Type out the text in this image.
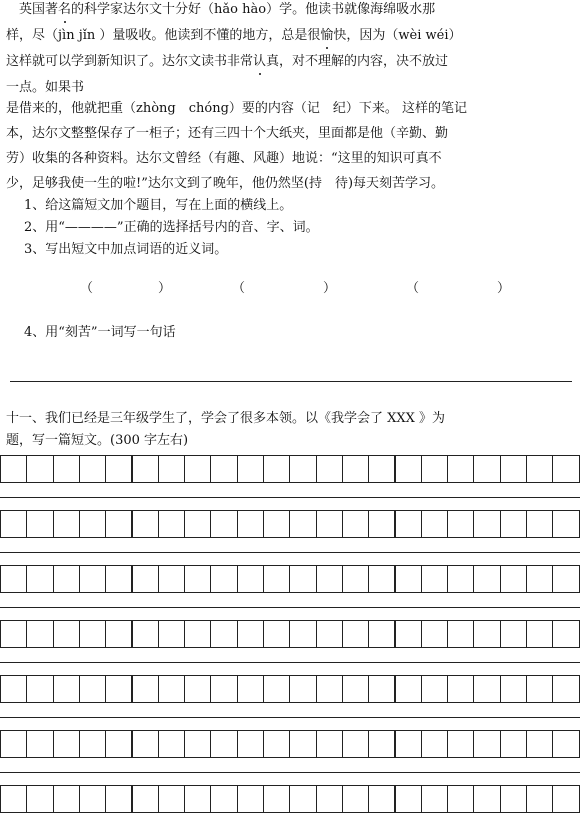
　英国著名的科学家达尔文十分好（hǎo hào）学。他读书就像海绵吸水那
样，尽（jìn jǐn ）量吸收。他读到不懂的地方，总是很愉快，因为（wèi wéi）
这样就可以学到新知识了。达尔文读书非常认真，对不理解的内容，决不放过
一点。如果书
是借来的，他就把重（zhòng　chóng）要的内容（记　纪）下来。 这样的笔记
本，达尔文整整保存了一柜子；还有三四十个大纸夹，里面都是他（辛勤、勤
劳）收集的各种资料。达尔文曾经（有趣、风趣）地说：“这里的知识可真不
少，足够我使一生的啦!”达尔文到了晚年，他仍然坚(持　待)每天刻苦学习。
1、给这篇短文加个题目，写在上面的横线上。
2、用“————”正确的选择括号内的音、字、词。
3、写出短文中加点词语的近义词。
（　　　　　）	（　　　　　　）	（　　　　　　）
4、用“刻苦”一词写一句话
十一、我们已经是三年级学生了，学会了很多本领。以《我学会了 XXX 》为
题，写一篇短文。(300 字左右)
